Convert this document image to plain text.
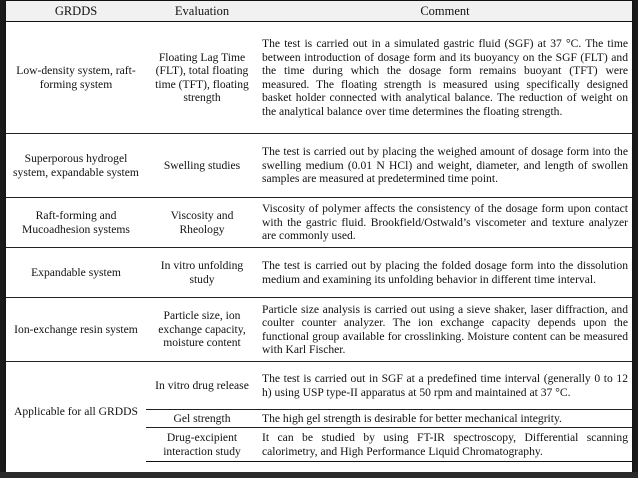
GRDDS	Evaluation	Comment
Low-density system, raft-forming system	Floating Lag Time (FLT), total floating time (TFT), floating strength	The test is carried out in a simulated gastric fluid (SGF) at 37 °C. The time between introduction of dosage form and its buoyancy on the SGF (FLT) and the time during which the dosage form remains buoyant (TFT) were measured. The floating strength is measured using specifically designed basket holder connected with analytical balance. The reduction of weight on the analytical balance over time determines the floating strength.
Superporous hydrogel system, expandable system	Swelling studies	The test is carried out by placing the weighed amount of dosage form into the swelling medium (0.01 N HCl) and weight, diameter, and length of swollen samples are measured at predetermined time point.
Raft-forming and Mucoadhesion systems	Viscosity and Rheology	Viscosity of polymer affects the consistency of the dosage form upon contact with the gastric fluid. Brookfield/Ostwald’s viscometer and texture analyzer are commonly used.
Expandable system	In vitro unfolding study	The test is carried out by placing the folded dosage form into the dissolution medium and examining its unfolding behavior in different time interval.
Ion-exchange resin system	Particle size, ion exchange capacity, moisture content	Particle size analysis is carried out using a sieve shaker, laser diffraction, and coulter counter analyzer. The ion exchange capacity depends upon the functional group available for crosslinking. Moisture content can be measured with Karl Fischer.
Applicable for all GRDDS	In vitro drug release	The test is carried out in SGF at a predefined time interval (generally 0 to 12 h) using USP type-II apparatus at 50 rpm and maintained at 37 °C.
	Gel strength	The high gel strength is desirable for better mechanical integrity.
	Drug-excipient interaction study	It can be studied by using FT-IR spectroscopy, Differential scanning calorimetry, and High Performance Liquid Chromatography.
